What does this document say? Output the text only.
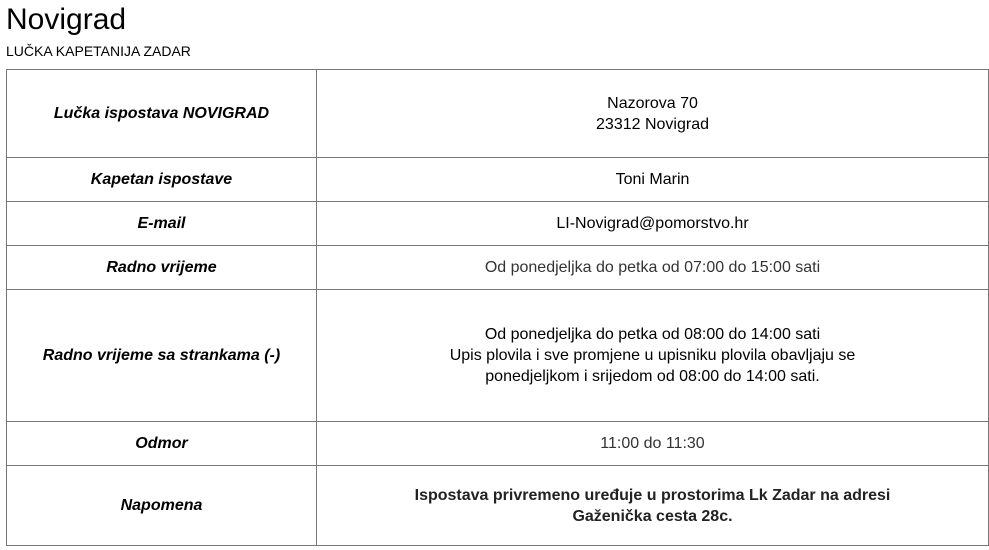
Novigrad

LUČKA KAPETANIJA ZADAR

Lučka ispostava NOVIGRAD	Nazorova 70
23312 Novigrad

Kapetan ispostave	Toni Marin
E-mail	LI-Novigrad@pomorstvo.hr
Radno vrijeme	Od ponedjeljka do petka od 07:00 do 15:00 sati
Radno vrijeme sa strankama (-)	Od ponedjeljka do petka od 08:00 do 14:00 sati
Upis plovila i sve promjene u upisniku plovila obavljaju se
ponedjeljkom i srijedom od 08:00 do 14:00 sati.

Odmor	11:00 do 11:30
Napomena	Ispostava privremeno uređuje u prostorima Lk Zadar na adresi
Gaženička cesta 28c.
